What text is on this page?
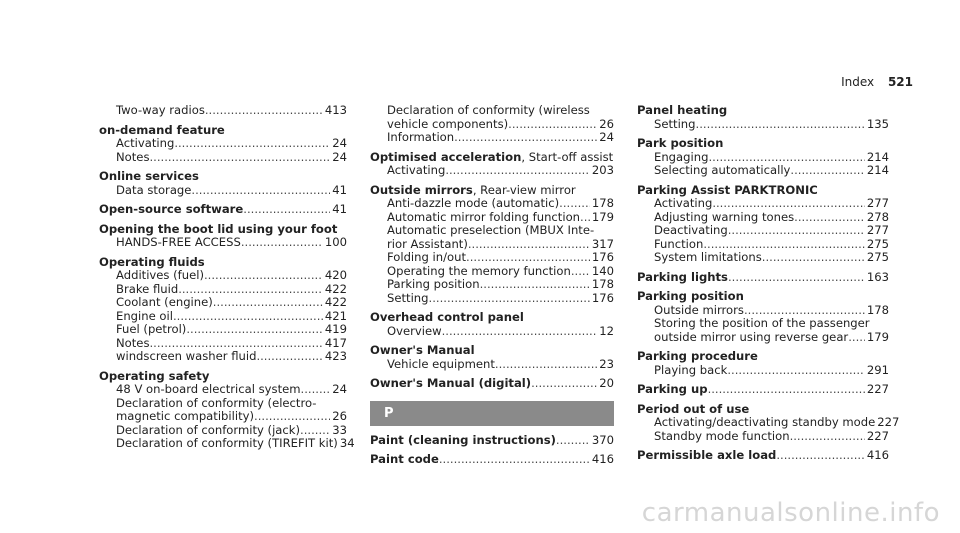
Index 521
Two-way radios .....	413
on-demand feature
Activating .....	24
Notes .....	24
Online services
Data storage .....	41
Open-source software .....	41
Opening the boot lid using your foot
HANDS-FREE ACCESS .....	100
Operating fluids
Additives (fuel) .....	420
Brake fluid .....	422
Coolant (engine) .....	422
Engine oil .....	421
Fuel (petrol) .....	419
Notes .....	417
windscreen washer fluid .....	423
Operating safety
48 V on-board electrical system .....	24
Declaration of conformity (electro-
magnetic compatibility) .....	26
Declaration of conformity (jack) .....	33
Declaration of conformity (TIREFIT kit) 34
Declaration of conformity (wireless
vehicle components) .....	26
Information .....	24
Optimised acceleration, Start-off assist
Activating .....	203
Outside mirrors, Rear-view mirror
Anti-dazzle mode (automatic) .....	178
Automatic mirror folding function ..... 179
Automatic preselection (MBUX Inte-
rior Assistant) .....	317
Folding in/out .....	176
Operating the memory function ..... 140
Parking position .....	178
Setting .....	176
Overhead control panel
Overview .....	12
Owner's Manual
Vehicle equipment .....	23
Owner's Manual (digital) .....	20
P
Paint (cleaning instructions) .....	370
Paint code .....	416
Panel heating
Setting .....	135
Park position
Engaging .....	214
Selecting automatically .....	214
Parking Assist PARKTRONIC
Activating .....	277
Adjusting warning tones .....	278
Deactivating .....	277
Function .....	275
System limitations .....	275
Parking lights .....	163
Parking position
Outside mirrors .....	178
Storing the position of the passenger
outside mirror using reverse gear ..... 179
Parking procedure
Playing back .....	291
Parking up .....	227
Period out of use
Activating/deactivating standby mode 227
Standby mode function .....	227
Permissible axle load .....	416
carmanualsonline.info
